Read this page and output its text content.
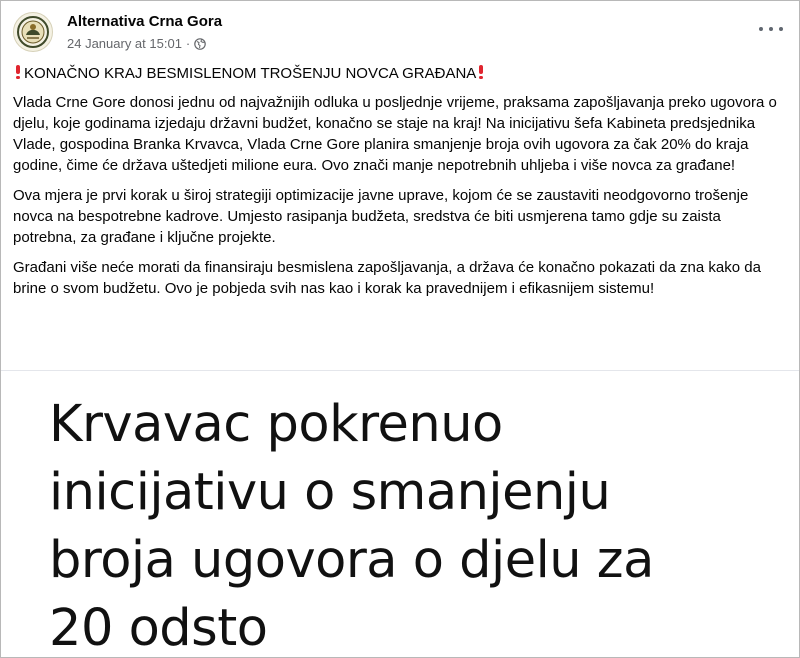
Alternativa Crna Gora
24 January at 15:01 ·

KONAČNO KRAJ BESMISLENOM TROŠENJU NOVCA GRAĐANA

Vlada Crne Gore donosi jednu od najvažnijih odluka u posljednje vrijeme, praksama zapošljavanja preko ugovora o djelu, koje godinama izjedaju državni budžet, konačno se staje na kraj! Na inicijativu šefa Kabineta predsjednika Vlade, gospodina Branka Krvavca, Vlada Crne Gore planira smanjenje broja ovih ugovora za čak 20% do kraja godine, čime će država uštedjeti milione eura. Ovo znači manje nepotrebnih uhljeba i više novca za građane!

Ova mjera je prvi korak u široj strategiji optimizacije javne uprave, kojom će se zaustaviti neodgovorno trošenje novca na bespotrebne kadrove. Umjesto rasipanja budžeta, sredstva će biti usmjerena tamo gdje su zaista potrebna, za građane i ključne projekte.

Građani više neće morati da finansiraju besmislena zapošljavanja, a država će konačno pokazati da zna kako da brine o svom budžetu. Ovo je pobjeda svih nas kao i korak ka pravednijem i efikasnijem sistemu!

Krvavac pokrenuo
inicijativu o smanjenju
broja ugovora o djelu za
20 odsto
